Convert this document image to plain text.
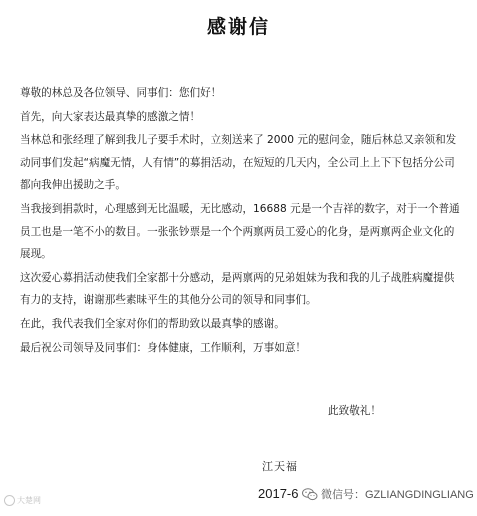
感谢信

尊敬的林总及各位领导、同事们：您们好！

首先，向大家表达最真挚的感激之情！

当林总和张经理了解到我儿子要手术时，立刻送来了 2000 元的慰问金，随后林总又亲领和发动同事们发起“病魔无情，人有情”的募捐活动，在短短的几天内，全公司上上下下包括分公司都向我伸出援助之手。

当我接到捐款时，心理感到无比温暖，无比感动，16688 元是一个吉祥的数字，对于一个普通员工也是一笔不小的数目。一张张钞票是一个个两禀两员工爱心的化身，是两禀两企业文化的展现。

这次爱心募捐活动使我们全家都十分感动，是两禀两的兄弟姐妹为我和我的儿子战胜病魔提供有力的支持，谢谢那些素昧平生的其他分公司的领导和同事们。

在此，我代表我们全家对你们的帮助致以最真挚的感谢。

最后祝公司领导及同事们：身体健康，工作顺利，万事如意！

此致敬礼！
江天福
2017-6
大楚网	微信号：GZLIANGDINGLIANG
